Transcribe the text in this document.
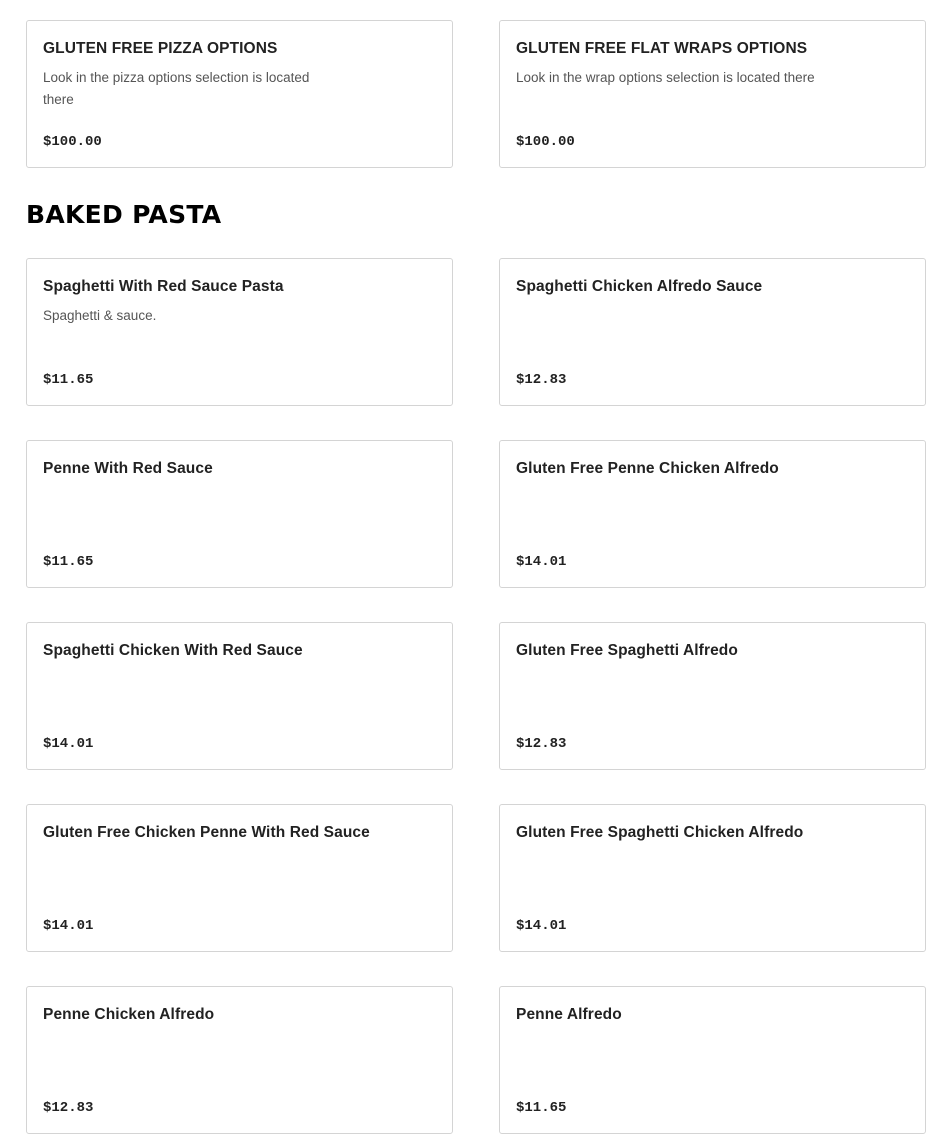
GLUTEN FREE PIZZA OPTIONS
Look in the pizza options selection is located there
$100.00
GLUTEN FREE FLAT WRAPS OPTIONS
Look in the wrap options selection is located there
$100.00
BAKED PASTA
Spaghetti With Red Sauce Pasta
Spaghetti & sauce.
$11.65
Spaghetti Chicken Alfredo Sauce
$12.83
Penne With Red Sauce
$11.65
Gluten Free Penne Chicken Alfredo
$14.01
Spaghetti Chicken With Red Sauce
$14.01
Gluten Free Spaghetti Alfredo
$12.83
Gluten Free Chicken Penne With Red Sauce
$14.01
Gluten Free Spaghetti Chicken Alfredo
$14.01
Penne Chicken Alfredo
$12.83
Penne Alfredo
$11.65
